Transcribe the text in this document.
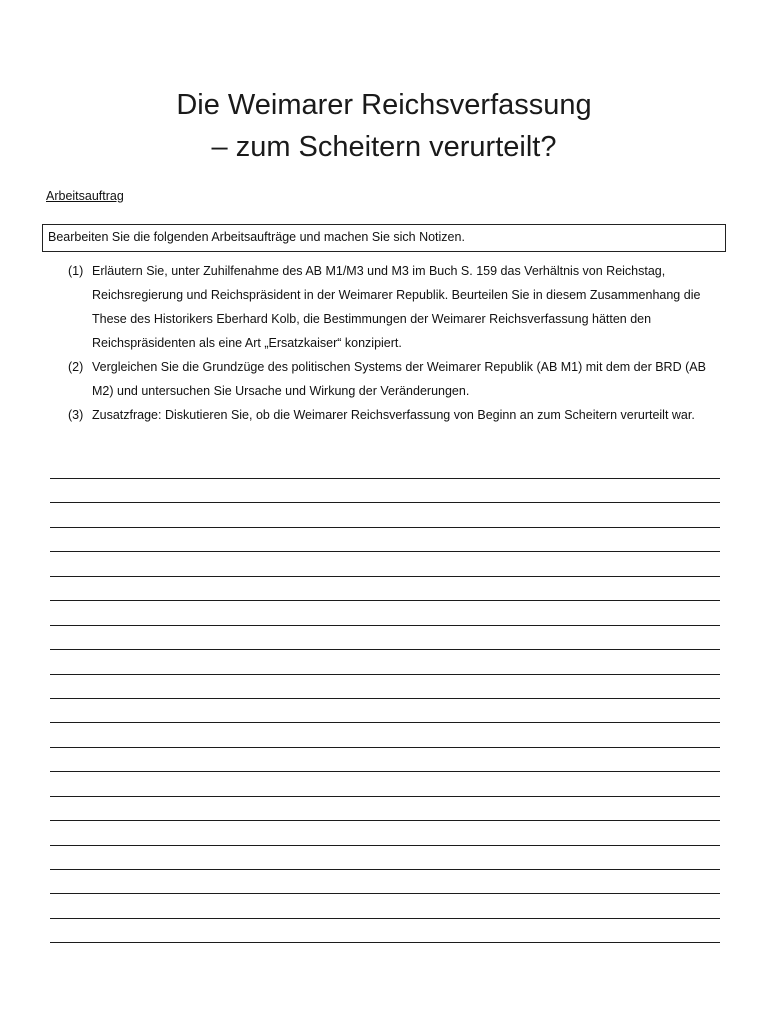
Die Weimarer Reichsverfassung
– zum Scheitern verurteilt?
Arbeitsauftrag
Bearbeiten Sie die folgenden Arbeitsaufträge und machen Sie sich Notizen.
(1) Erläutern Sie, unter Zuhilfenahme des AB M1/M3 und M3 im Buch S. 159 das Verhältnis von Reichstag, Reichsregierung und Reichspräsident in der Weimarer Republik. Beurteilen Sie in diesem Zusammenhang die These des Historikers Eberhard Kolb, die Bestimmungen der Weimarer Reichsverfassung hätten den Reichspräsidenten als eine Art „Ersatzkaiser“ konzipiert.
(2) Vergleichen Sie die Grundzüge des politischen Systems der Weimarer Republik (AB M1) mit dem der BRD (AB M2) und untersuchen Sie Ursache und Wirkung der Veränderungen.
(3) Zusatzfrage: Diskutieren Sie, ob die Weimarer Reichsverfassung von Beginn an zum Scheitern verurteilt war.
